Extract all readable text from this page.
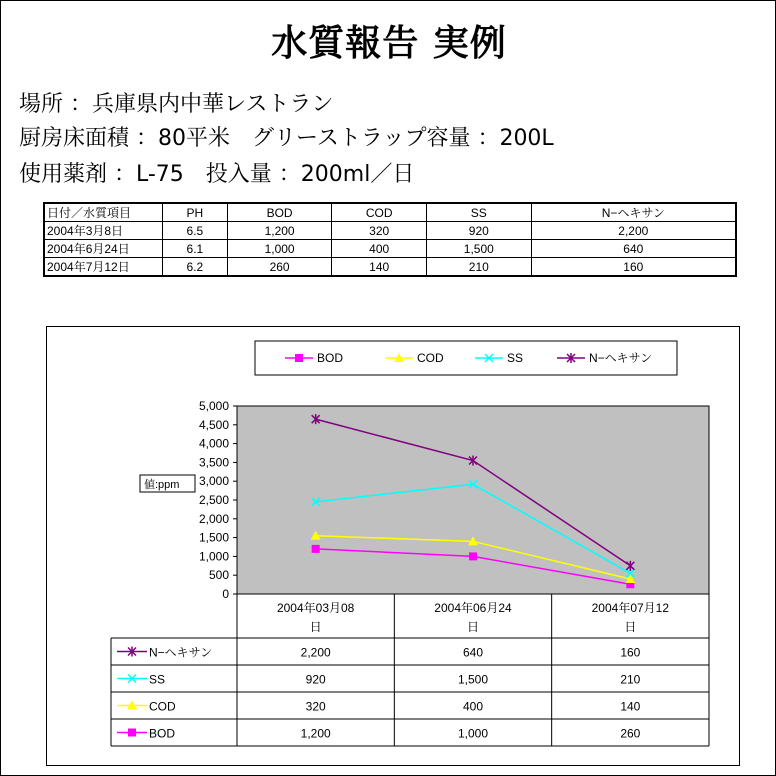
水質報告 実例
場所 ：兵庫県内中華レストラン
厨房床面積 ：80平米　グリーストラップ容量 ：200L
使用薬剤 ：L-75　投入量 ：200ml／日
日付／水質項目	PH	BOD	COD	SS	N−ヘキサン
2004年3月8日	6.5	1,200	320	920	2,200
2004年6月24日	6.1	1,000	400	1,500	640
2004年7月12日	6.2	260	140	210	160
5,000
4,500
4,000
3,500
3,000
2,500
2,000
1,500
1,000
500
0
値:ppm
BOD	COD	SS	N−ヘキサン
2004年03月08 日
2004年06月24 日
2004年07月12 日
N−ヘキサン	2,200	640	160
SS	920	1,500	210
COD	320	400	140
BOD	1,200	1,000	260
